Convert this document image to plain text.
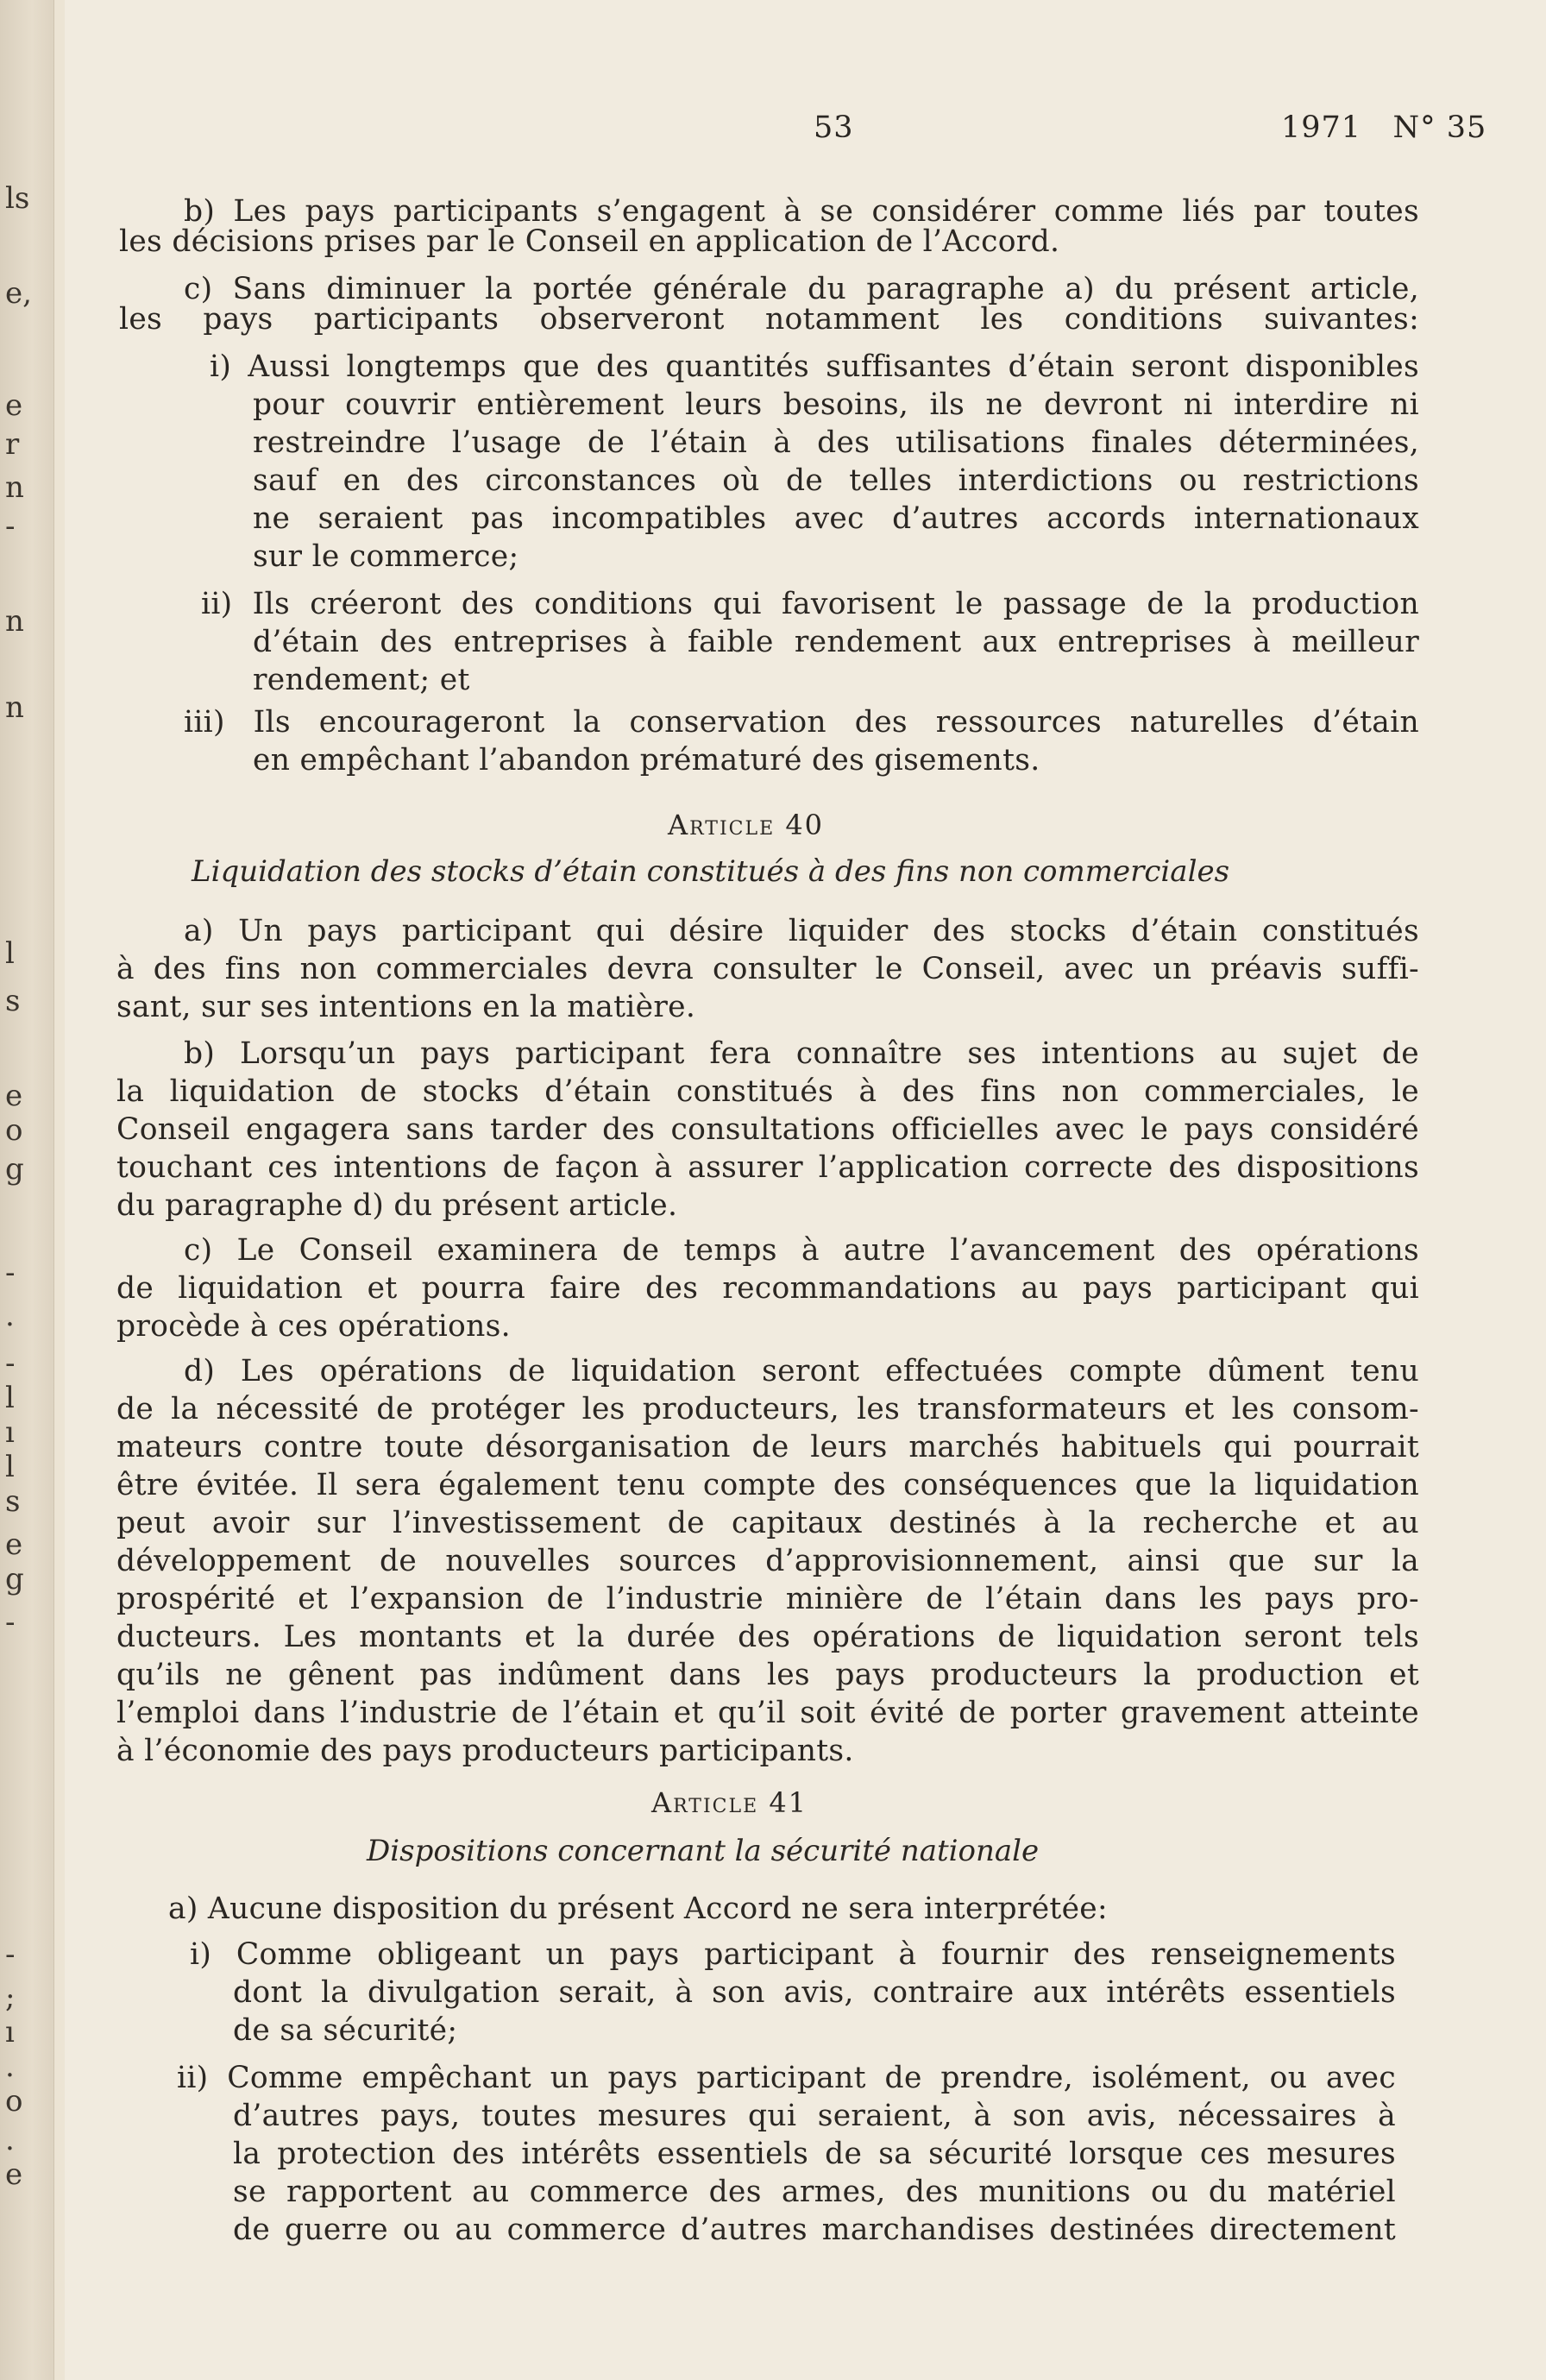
53	1971   N° 35
b) Les pays participants s’engagent à se considérer comme liés par toutes
les décisions prises par le Conseil en application de l’Accord.
c) Sans diminuer la portée générale du paragraphe a) du présent article,
les pays participants observeront notamment les conditions suivantes:
i) Aussi longtemps que des quantités suffisantes d’étain seront disponibles
pour couvrir entièrement leurs besoins, ils ne devront ni interdire ni
restreindre l’usage de l’étain à des utilisations finales déterminées,
sauf en des circonstances où de telles interdictions ou restrictions
ne seraient pas incompatibles avec d’autres accords internationaux
sur le commerce;
ii) Ils créeront des conditions qui favorisent le passage de la production
d’étain des entreprises à faible rendement aux entreprises à meilleur
rendement; et
iii) Ils encourageront la conservation des ressources naturelles d’étain
en empêchant l’abandon prématuré des gisements.
Article 40
Liquidation des stocks d’étain constitués à des fins non commerciales
a) Un pays participant qui désire liquider des stocks d’étain constitués
à des fins non commerciales devra consulter le Conseil, avec un préavis suffi-
sant, sur ses intentions en la matière.
b) Lorsqu’un pays participant fera connaître ses intentions au sujet de
la liquidation de stocks d’étain constitués à des fins non commerciales, le
Conseil engagera sans tarder des consultations officielles avec le pays considéré
touchant ces intentions de façon à assurer l’application correcte des dispositions
du paragraphe d) du présent article.
c) Le Conseil examinera de temps à autre l’avancement des opérations
de liquidation et pourra faire des recommandations au pays participant qui
procède à ces opérations.
d) Les opérations de liquidation seront effectuées compte dûment tenu
de la nécessité de protéger les producteurs, les transformateurs et les consom-
mateurs contre toute désorganisation de leurs marchés habituels qui pourrait
être évitée. Il sera également tenu compte des conséquences que la liquidation
peut avoir sur l’investissement de capitaux destinés à la recherche et au
développement de nouvelles sources d’approvisionnement, ainsi que sur la
prospérité et l’expansion de l’industrie minière de l’étain dans les pays pro-
ducteurs. Les montants et la durée des opérations de liquidation seront tels
qu’ils ne gênent pas indûment dans les pays producteurs la production et
l’emploi dans l’industrie de l’étain et qu’il soit évité de porter gravement atteinte
à l’économie des pays producteurs participants.
Article 41
Dispositions concernant la sécurité nationale
a) Aucune disposition du présent Accord ne sera interprétée:
i) Comme obligeant un pays participant à fournir des renseignements
dont la divulgation serait, à son avis, contraire aux intérêts essentiels
de sa sécurité;
ii) Comme empêchant un pays participant de prendre, isolément, ou avec
d’autres pays, toutes mesures qui seraient, à son avis, nécessaires à
la protection des intérêts essentiels de sa sécurité lorsque ces mesures
se rapportent au commerce des armes, des munitions ou du matériel
de guerre ou au commerce d’autres marchandises destinées directement
ls
e,
e
r
n
-
n
n
l
s
e
o
g
-
.
-
l
ı
l
s
e
g
-
-
;
ı
.
o
.
e
